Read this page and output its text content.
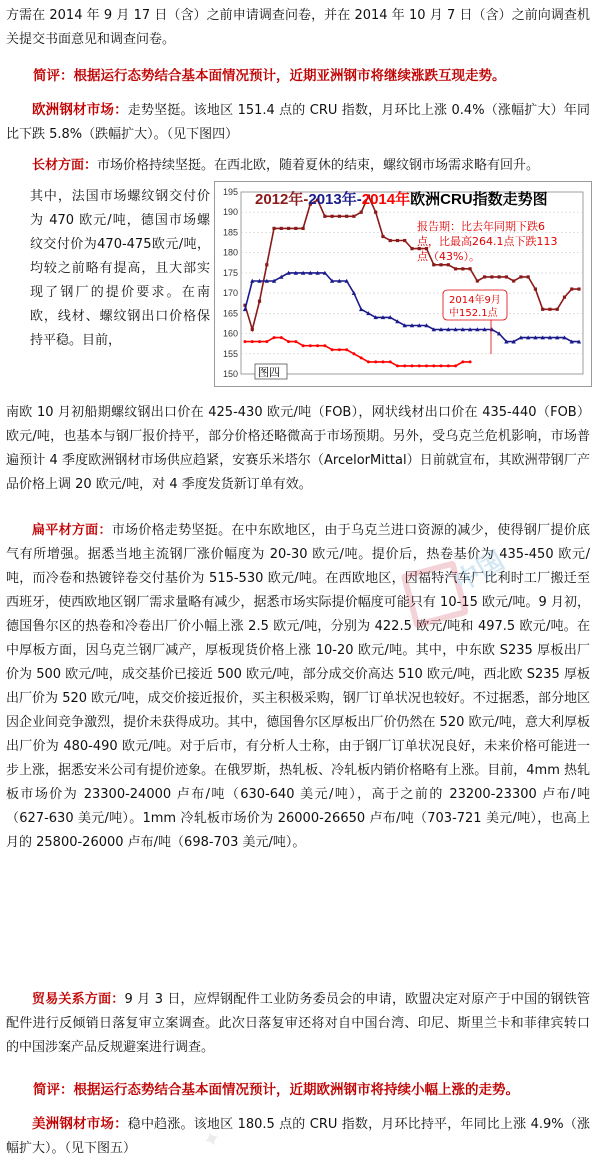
方需在 2014 年 9 月 17 日（含）之前申请调查问卷，并在 2014 年 10 月 7 日（含）之前向调查机关提交书面意见和调查问卷。

简评：根据运行态势结合基本面情况预计，近期亚洲钢市将继续涨跌互现走势。

欧洲钢材市场：走势坚挺。该地区 151.4 点的 CRU 指数，月环比上涨 0.4%（涨幅扩大）年同比下跌 5.8%（跌幅扩大）。（见下图四）

长材方面：市场价格持续坚挺。在西北欧，随着夏休的结束，螺纹钢市场需求略有回升。

其中，法国市场螺纹钢交付价为 470 欧元/吨，德国市场螺纹交付价为470-475欧元/吨，均较之前略有提高，且大部实现了钢厂的提价要求。在南欧，线材、螺纹钢出口价格保持平稳。目前，

150
155
160
165
170
175
180
185
190
195 2012年-2013年-2014年欧洲CRU指数走势图
报告期：比去年同期下跌6
点，比最高264.1点下跌113
点（43%）。
2014年9月
中152.1点
图四

南欧 10 月初船期螺纹钢出口价在 425-430 欧元/吨（FOB），网状线材出口价在 435-440（FOB）欧元/吨，也基本与钢厂报价持平，部分价格还略微高于市场预期。另外，受乌克兰危机影响，市场普遍预计 4 季度欧洲钢材市场供应趋紧，安赛乐米塔尔（ArcelorMittal）日前就宣布，其欧洲带钢厂产品价格上调 20 欧元/吨，对 4 季度发货新订单有效。

扁平材方面：市场价格走势坚挺。在中东欧地区，由于乌克兰进口资源的减少，使得钢厂提价底气有所增强。据悉当地主流钢厂涨价幅度为 20-30 欧元/吨。提价后，热卷基价为 435-450 欧元/吨，而冷卷和热镀锌卷交付基价为 515-530 欧元/吨。在西欧地区，因福特汽车厂比利时工厂搬迁至西班牙，使西欧地区钢厂需求量略有减少，据悉市场实际提价幅度可能只有 10-15 欧元/吨。9 月初，德国鲁尔区的热卷和冷卷出厂价小幅上涨 2.5 欧元/吨，分别为 422.5 欧元/吨和 497.5 欧元/吨。在中厚板方面，因乌克兰钢厂减产，厚板现货价格上涨 10-20 欧元/吨。其中，中东欧 S235 厚板出厂价为 500 欧元/吨，成交基价已接近 500 欧元/吨，部分成交价高达 510 欧元/吨，西北欧 S235 厚板出厂价为 520 欧元/吨，成交价接近报价，买主积极采购，钢厂订单状况也较好。不过据悉，部分地区因企业间竞争激烈，提价未获得成功。其中，德国鲁尔区厚板出厂价仍然在 520 欧元/吨，意大利厚板出厂价为 480-490 欧元/吨。对于后市，有分析人士称，由于钢厂订单状况良好，未来价格可能进一步上涨，据悉安米公司有提价迹象。在俄罗斯，热轧板、冷轧板内销价格略有上涨。目前，4mm 热轧板市场价为 23300-24000 卢布/吨（630-640 美元/吨），高于之前的 23200-23300 卢布/吨（627-630 美元/吨）。1mm 冷轧板市场价为 26000-26650 卢布/吨（703-721 美元/吨），也高上月的 25800-26000 卢布/吨（698-703 美元/吨）。

中国

贸易关系方面：9 月 3 日，应焊钢配件工业防务委员会的申请，欧盟决定对原产于中国的钢铁管配件进行反倾销日落复审立案调查。此次日落复审还将对自中国台湾、印尼、斯里兰卡和菲律宾转口的中国涉案产品反规避案进行调查。

简评：根据运行态势结合基本面情况预计，近期欧洲钢市将持续小幅上涨的走势。

美洲钢材市场：稳中趋涨。该地区 180.5 点的 CRU 指数，月环比持平，年同比上涨 4.9%（涨幅扩大）。（见下图五）	✦
